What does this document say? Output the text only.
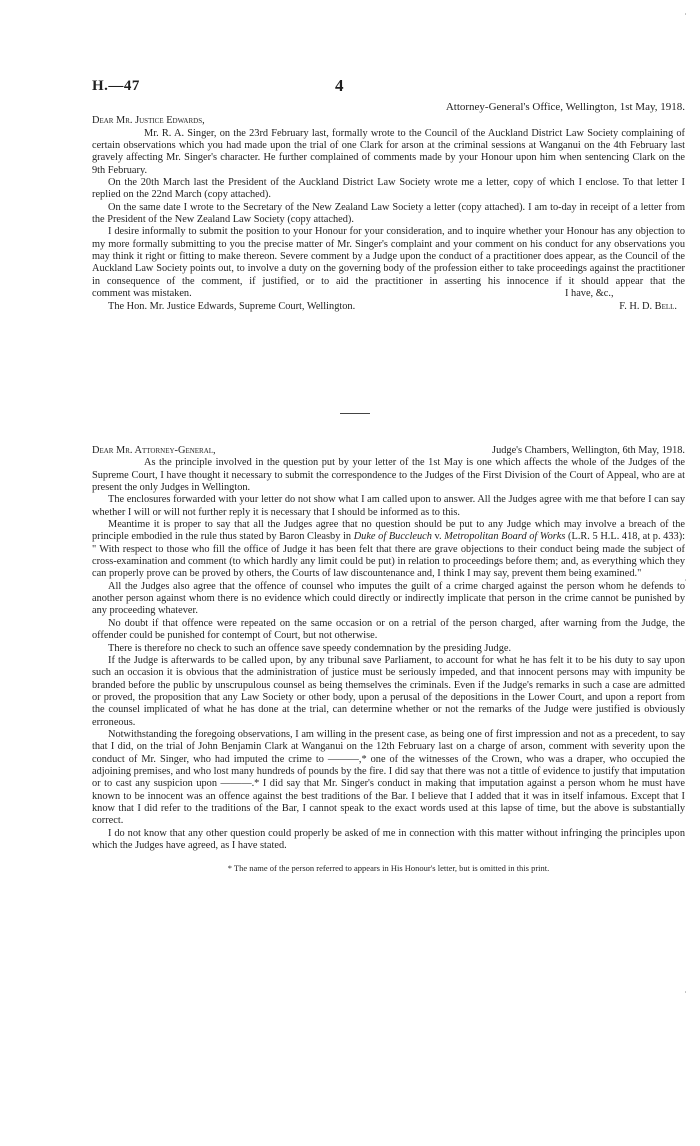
H.—47	4
˙
˙
˙
Attorney-General's Office, Wellington, 1st May, 1918.
Dear Mr. Justice Edwards,

Mr. R. A. Singer, on the 23rd February last, formally wrote to the Council of the Auckland District Law Society complaining of certain observations which you had made upon the trial of one Clark for arson at the criminal sessions at Wanganui on the 4th February last gravely affecting Mr. Singer's character. He further complained of comments made by your Honour upon him when sentencing Clark on the 9th February.

On the 20th March last the President of the Auckland District Law Society wrote me a letter, copy of which I enclose. To that letter I replied on the 22nd March (copy attached).

On the same date I wrote to the Secretary of the New Zealand Law Society a letter (copy attached). I am to-day in receipt of a letter from the President of the New Zealand Law Society (copy attached).

I desire informally to submit the position to your Honour for your consideration, and to inquire whether your Honour has any objection to my more formally submitting to you the precise matter of Mr. Singer's complaint and your comment on his conduct for any observations you may think it right or fitting to make thereon. Severe comment by a Judge upon the conduct of a practitioner does appear, as the Council of the Auckland Law Society points out, to involve a duty on the governing body of the profession either to take proceedings against the practitioner in consequence of the comment, if justified, or to aid the practitioner in asserting his innocence if it should appear that the

comment was mistaken.	I have, &c.,
The Hon. Mr. Justice Edwards, Supreme Court, Wellington.	F. H. D. Bell.
Dear Mr. Attorney-General,	Judge's Chambers, Wellington, 6th May, 1918.

As the principle involved in the question put by your letter of the 1st May is one which affects the whole of the Judges of the Supreme Court, I have thought it necessary to submit the correspondence to the Judges of the First Division of the Court of Appeal, who are at present the only Judges in Wellington.

The enclosures forwarded with your letter do not show what I am called upon to answer. All the Judges agree with me that before I can say whether I will or will not further reply it is necessary that I should be informed as to this.

Meantime it is proper to say that all the Judges agree that no question should be put to any Judge which may involve a breach of the principle embodied in the rule thus stated by Baron Cleasby in Duke of Buccleuch v. Metropolitan Board of Works (L.R. 5 H.L. 418, at p. 433): " With respect to those who fill the office of Judge it has been felt that there are grave objections to their conduct being made the subject of cross-examination and comment (to which hardly any limit could be put) in relation to proceedings before them; and, as everything which they can properly prove can be proved by others, the Courts of law discountenance and, I think I may say, prevent them being examined."

All the Judges also agree that the offence of counsel who imputes the guilt of a crime charged against the person whom he defends to another person against whom there is no evidence which could directly or indirectly implicate that person in the crime cannot be punished by any proceeding whatever.

No doubt if that offence were repeated on the same occasion or on a retrial of the person charged, after warning from the Judge, the offender could be punished for contempt of Court, but not otherwise.

There is therefore no check to such an offence save speedy condemnation by the presiding Judge.

If the Judge is afterwards to be called upon, by any tribunal save Parliament, to account for what he has felt it to be his duty to say upon such an occasion it is obvious that the administration of justice must be seriously impeded, and that innocent persons may with impunity be branded before the public by unscrupulous counsel as being themselves the criminals. Even if the Judge's remarks in such a case are admitted or proved, the proposition that any Law Society or other body, upon a perusal of the depositions in the Lower Court, and upon a report from the counsel implicated of what he has done at the trial, can determine whether or not the remarks of the Judge were justified is obviously erroneous.

Notwithstanding the foregoing observations, I am willing in the present case, as being one of first impression and not as a precedent, to say that I did, on the trial of John Benjamin Clark at Wanganui on the 12th February last on a charge of arson, comment with severity upon the conduct of Mr. Singer, who had imputed the crime to ———,* one of the witnesses of the Crown, who was a draper, who occupied the adjoining premises, and who lost many hundreds of pounds by the fire. I did say that there was not a tittle of evidence to justify that imputation or to cast any suspicion upon ———.* I did say that Mr. Singer's conduct in making that imputation against a person whom he must have known to be innocent was an offence against the best traditions of the Bar. I believe that I added that it was in itself infamous. Except that I know that I did refer to the traditions of the Bar, I cannot speak to the exact words used at this lapse of time, but the above is substantially correct.

I do not know that any other question could properly be asked of me in connection with this matter without infringing the principles upon which the Judges have agreed, as I have stated.

* The name of the person referred to appears in His Honour's letter, but is omitted in this print.
